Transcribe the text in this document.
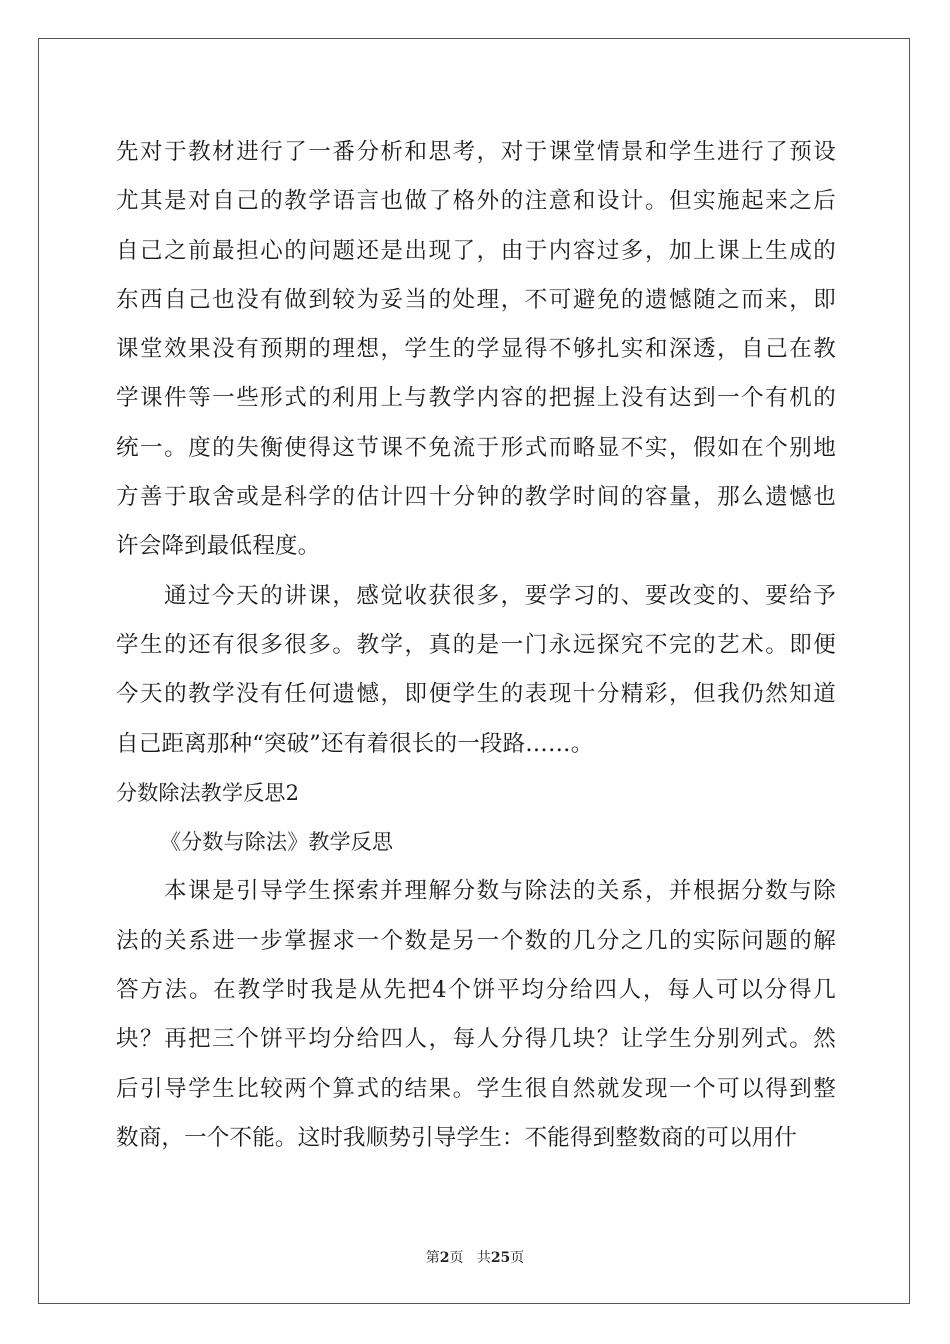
先对于教材进行了一番分析和思考，对于课堂情景和学生进行了预设
尤其是对自己的教学语言也做了格外的注意和设计。但实施起来之后
自己之前最担心的问题还是出现了，由于内容过多，加上课上生成的
东西自己也没有做到较为妥当的处理，不可避免的遗憾随之而来，即
课堂效果没有预期的理想，学生的学显得不够扎实和深透，自己在教
学课件等一些形式的利用上与教学内容的把握上没有达到一个有机的
统一。度的失衡使得这节课不免流于形式而略显不实，假如在个别地
方善于取舍或是科学的估计四十分钟的教学时间的容量，那么遗憾也
许会降到最低程度。
通过今天的讲课，感觉收获很多，要学习的、要改变的、要给予
学生的还有很多很多。教学，真的是一门永远探究不完的艺术。即便
今天的教学没有任何遗憾，即便学生的表现十分精彩，但我仍然知道
自己距离那种“突破”还有着很长的一段路……。
分数除法教学反思2
《分数与除法》教学反思
本课是引导学生探索并理解分数与除法的关系，并根据分数与除
法的关系进一步掌握求一个数是另一个数的几分之几的实际问题的解
答方法。在教学时我是从先把4个饼平均分给四人，每人可以分得几
块？再把三个饼平均分给四人，每人分得几块？让学生分别列式。然
后引导学生比较两个算式的结果。学生很自然就发现一个可以得到整
数商，一个不能。这时我顺势引导学生：不能得到整数商的可以用什
第2页 共25页
